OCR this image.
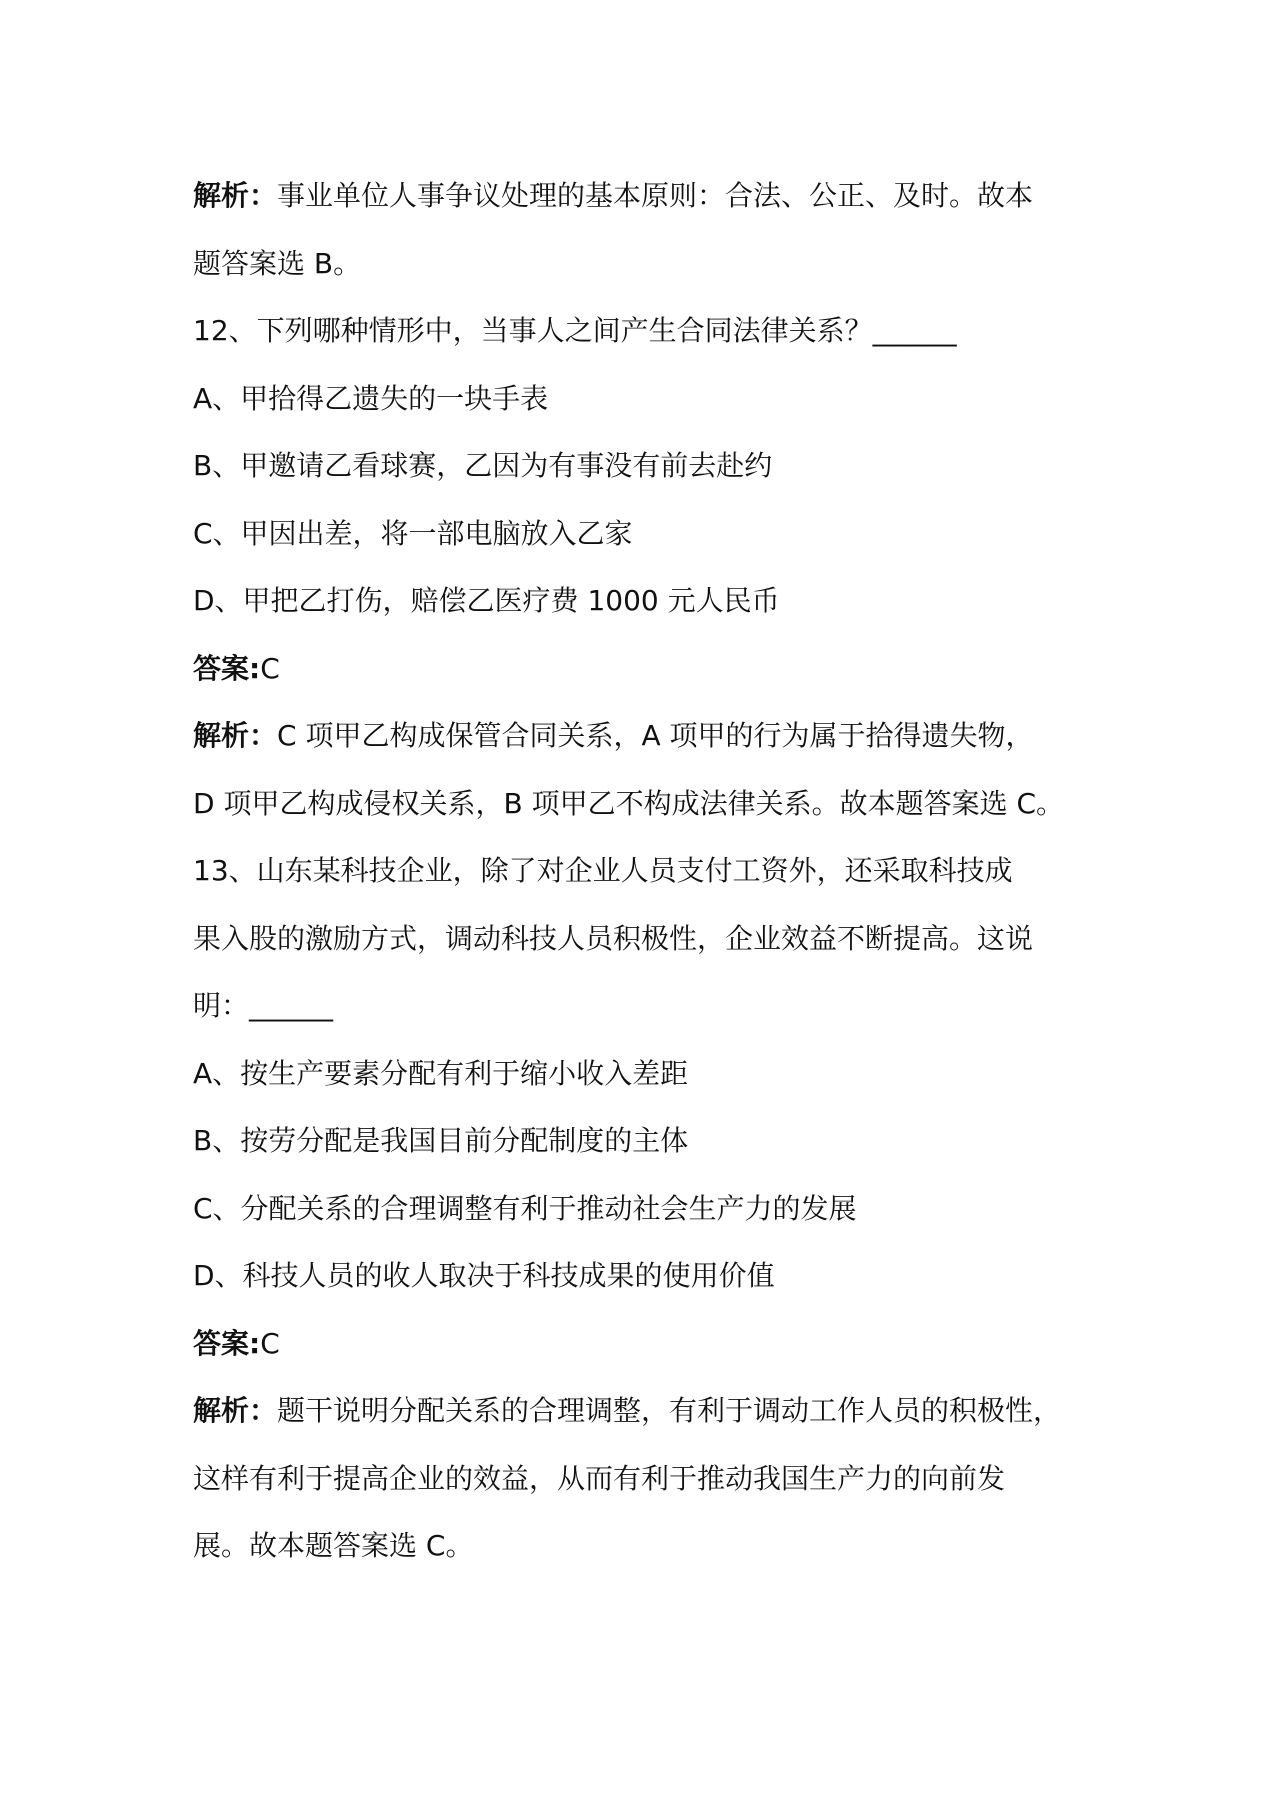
解析：事业单位人事争议处理的基本原则：合法、公正、及时。故本
题答案选 B。
12、下列哪种情形中，当事人之间产生合同法律关系？______
A、甲拾得乙遗失的一块手表
B、甲邀请乙看球赛，乙因为有事没有前去赴约
C、甲因出差，将一部电脑放入乙家
D、甲把乙打伤，赔偿乙医疗费 1000 元人民币
答案:C
解析：C 项甲乙构成保管合同关系，A 项甲的行为属于拾得遗失物，
D 项甲乙构成侵权关系，B 项甲乙不构成法律关系。故本题答案选 C。
13、山东某科技企业，除了对企业人员支付工资外，还采取科技成
果入股的激励方式，调动科技人员积极性，企业效益不断提高。这说
明：______
A、按生产要素分配有利于缩小收入差距
B、按劳分配是我国目前分配制度的主体
C、分配关系的合理调整有利于推动社会生产力的发展
D、科技人员的收人取决于科技成果的使用价值
答案:C
解析：题干说明分配关系的合理调整，有利于调动工作人员的积极性，
这样有利于提高企业的效益，从而有利于推动我国生产力的向前发
展。故本题答案选 C。
